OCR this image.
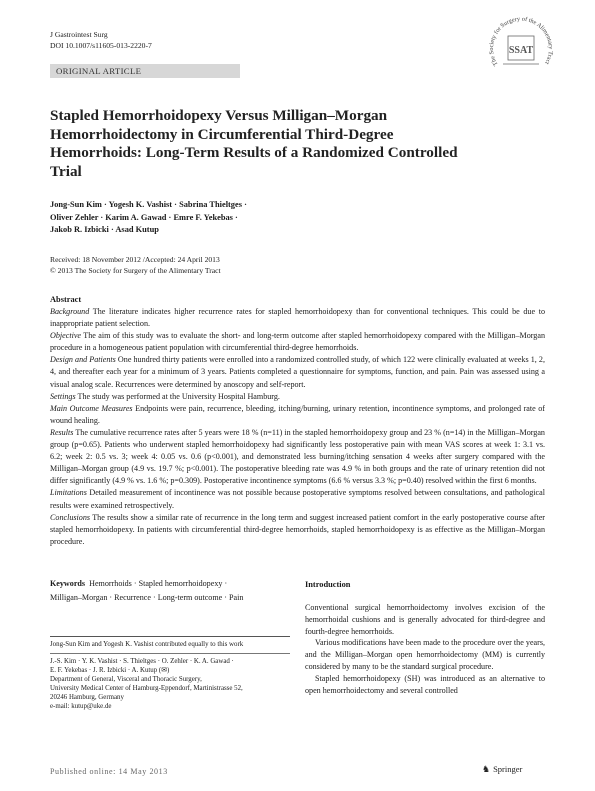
J Gastrointest Surg
DOI 10.1007/s11605-013-2220-7
The Society for Surgery of the Alimentary Tract
SSAT
ORIGINAL ARTICLE
Stapled Hemorrhoidopexy Versus Milligan–Morgan Hemorrhoidectomy in Circumferential Third-Degree Hemorrhoids: Long-Term Results of a Randomized Controlled Trial
Jong-Sun Kim · Yogesh K. Vashist · Sabrina Thieltges ·
Oliver Zehler · Karim A. Gawad · Emre F. Yekebas ·
Jakob R. Izbicki · Asad Kutup
Received: 18 November 2012 /Accepted: 24 April 2013
© 2013 The Society for Surgery of the Alimentary Tract
Abstract

Background The literature indicates higher recurrence rates for stapled hemorrhoidopexy than for conventional techniques. This could be due to inappropriate patient selection.

Objective The aim of this study was to evaluate the short- and long-term outcome after stapled hemorrhoidopexy compared with the Milligan–Morgan procedure in a homogeneous patient population with circumferential third-degree hemorrhoids.

Design and Patients One hundred thirty patients were enrolled into a randomized controlled study, of which 122 were clinically evaluated at weeks 1, 2, 4, and thereafter each year for a minimum of 3 years. Patients completed a questionnaire for symptoms, function, and pain. Pain was assessed using a visual analog scale. Recurrences were determined by anoscopy and self-report.

Settings The study was performed at the University Hospital Hamburg.

Main Outcome Measures Endpoints were pain, recurrence, bleeding, itching/burning, urinary retention, incontinence symptoms, and prolonged rate of wound healing.

Results The cumulative recurrence rates after 5 years were 18 % (n=11) in the stapled hemorrhoidopexy group and 23 % (n=14) in the Milligan–Morgan group (p=0.65). Patients who underwent stapled hemorrhoidopexy had significantly less postoperative pain with mean VAS scores at week 1: 3.1 vs. 6.2; week 2: 0.5 vs. 3; week 4: 0.05 vs. 0.6 (p<0.001), and demonstrated less burning/itching sensation 4 weeks after surgery compared with the Milligan–Morgan group (4.9 vs. 19.7 %; p<0.001). The postoperative bleeding rate was 4.9 % in both groups and the rate of urinary retention did not differ significantly (4.9 % vs. 1.6 %; p=0.309). Postoperative incontinence symptoms (6.6 % versus 3.3 %; p=0.40) resolved within the first 6 months.

Limitations Detailed measurement of incontinence was not possible because postoperative symptoms resolved between consultations, and pathological results were examined retrospectively.

Conclusions The results show a similar rate of recurrence in the long term and suggest increased patient comfort in the early postoperative course after stapled hemorrhoidopexy. In patients with circumferential third-degree hemorrhoids, stapled hemorrhoidopexy is as effective as the Milligan–Morgan procedure.

Keywords Hemorrhoids · Stapled hemorrhoidopexy ·
Milligan–Morgan · Recurrence · Long-term outcome · Pain
Jong-Sun Kim and Yogesh K. Vashist contributed equally to this work
J.-S. Kim · Y. K. Vashist · S. Thieltges · O. Zehler · K. A. Gawad ·
E. F. Yekebas · J. R. Izbicki · A. Kutup (✉)
Department of General, Visceral and Thoracic Surgery,
University Medical Center of Hamburg-Eppendorf, Martinistrasse 52,
20246 Hamburg, Germany
e-mail: kutup@uke.de
Introduction

Conventional surgical hemorrhoidectomy involves excision of the hemorrhoidal cushions and is generally advocated for third-degree and fourth-degree hemorrhoids.

Various modifications have been made to the procedure over the years, and the Milligan–Morgan open hemorrhoidectomy (MM) is currently considered by many to be the standard surgical procedure.

Stapled hemorrhoidopexy (SH) was introduced as an alternative to open hemorrhoidectomy and several controlled

Published online: 14 May 2013	♞ Springer
